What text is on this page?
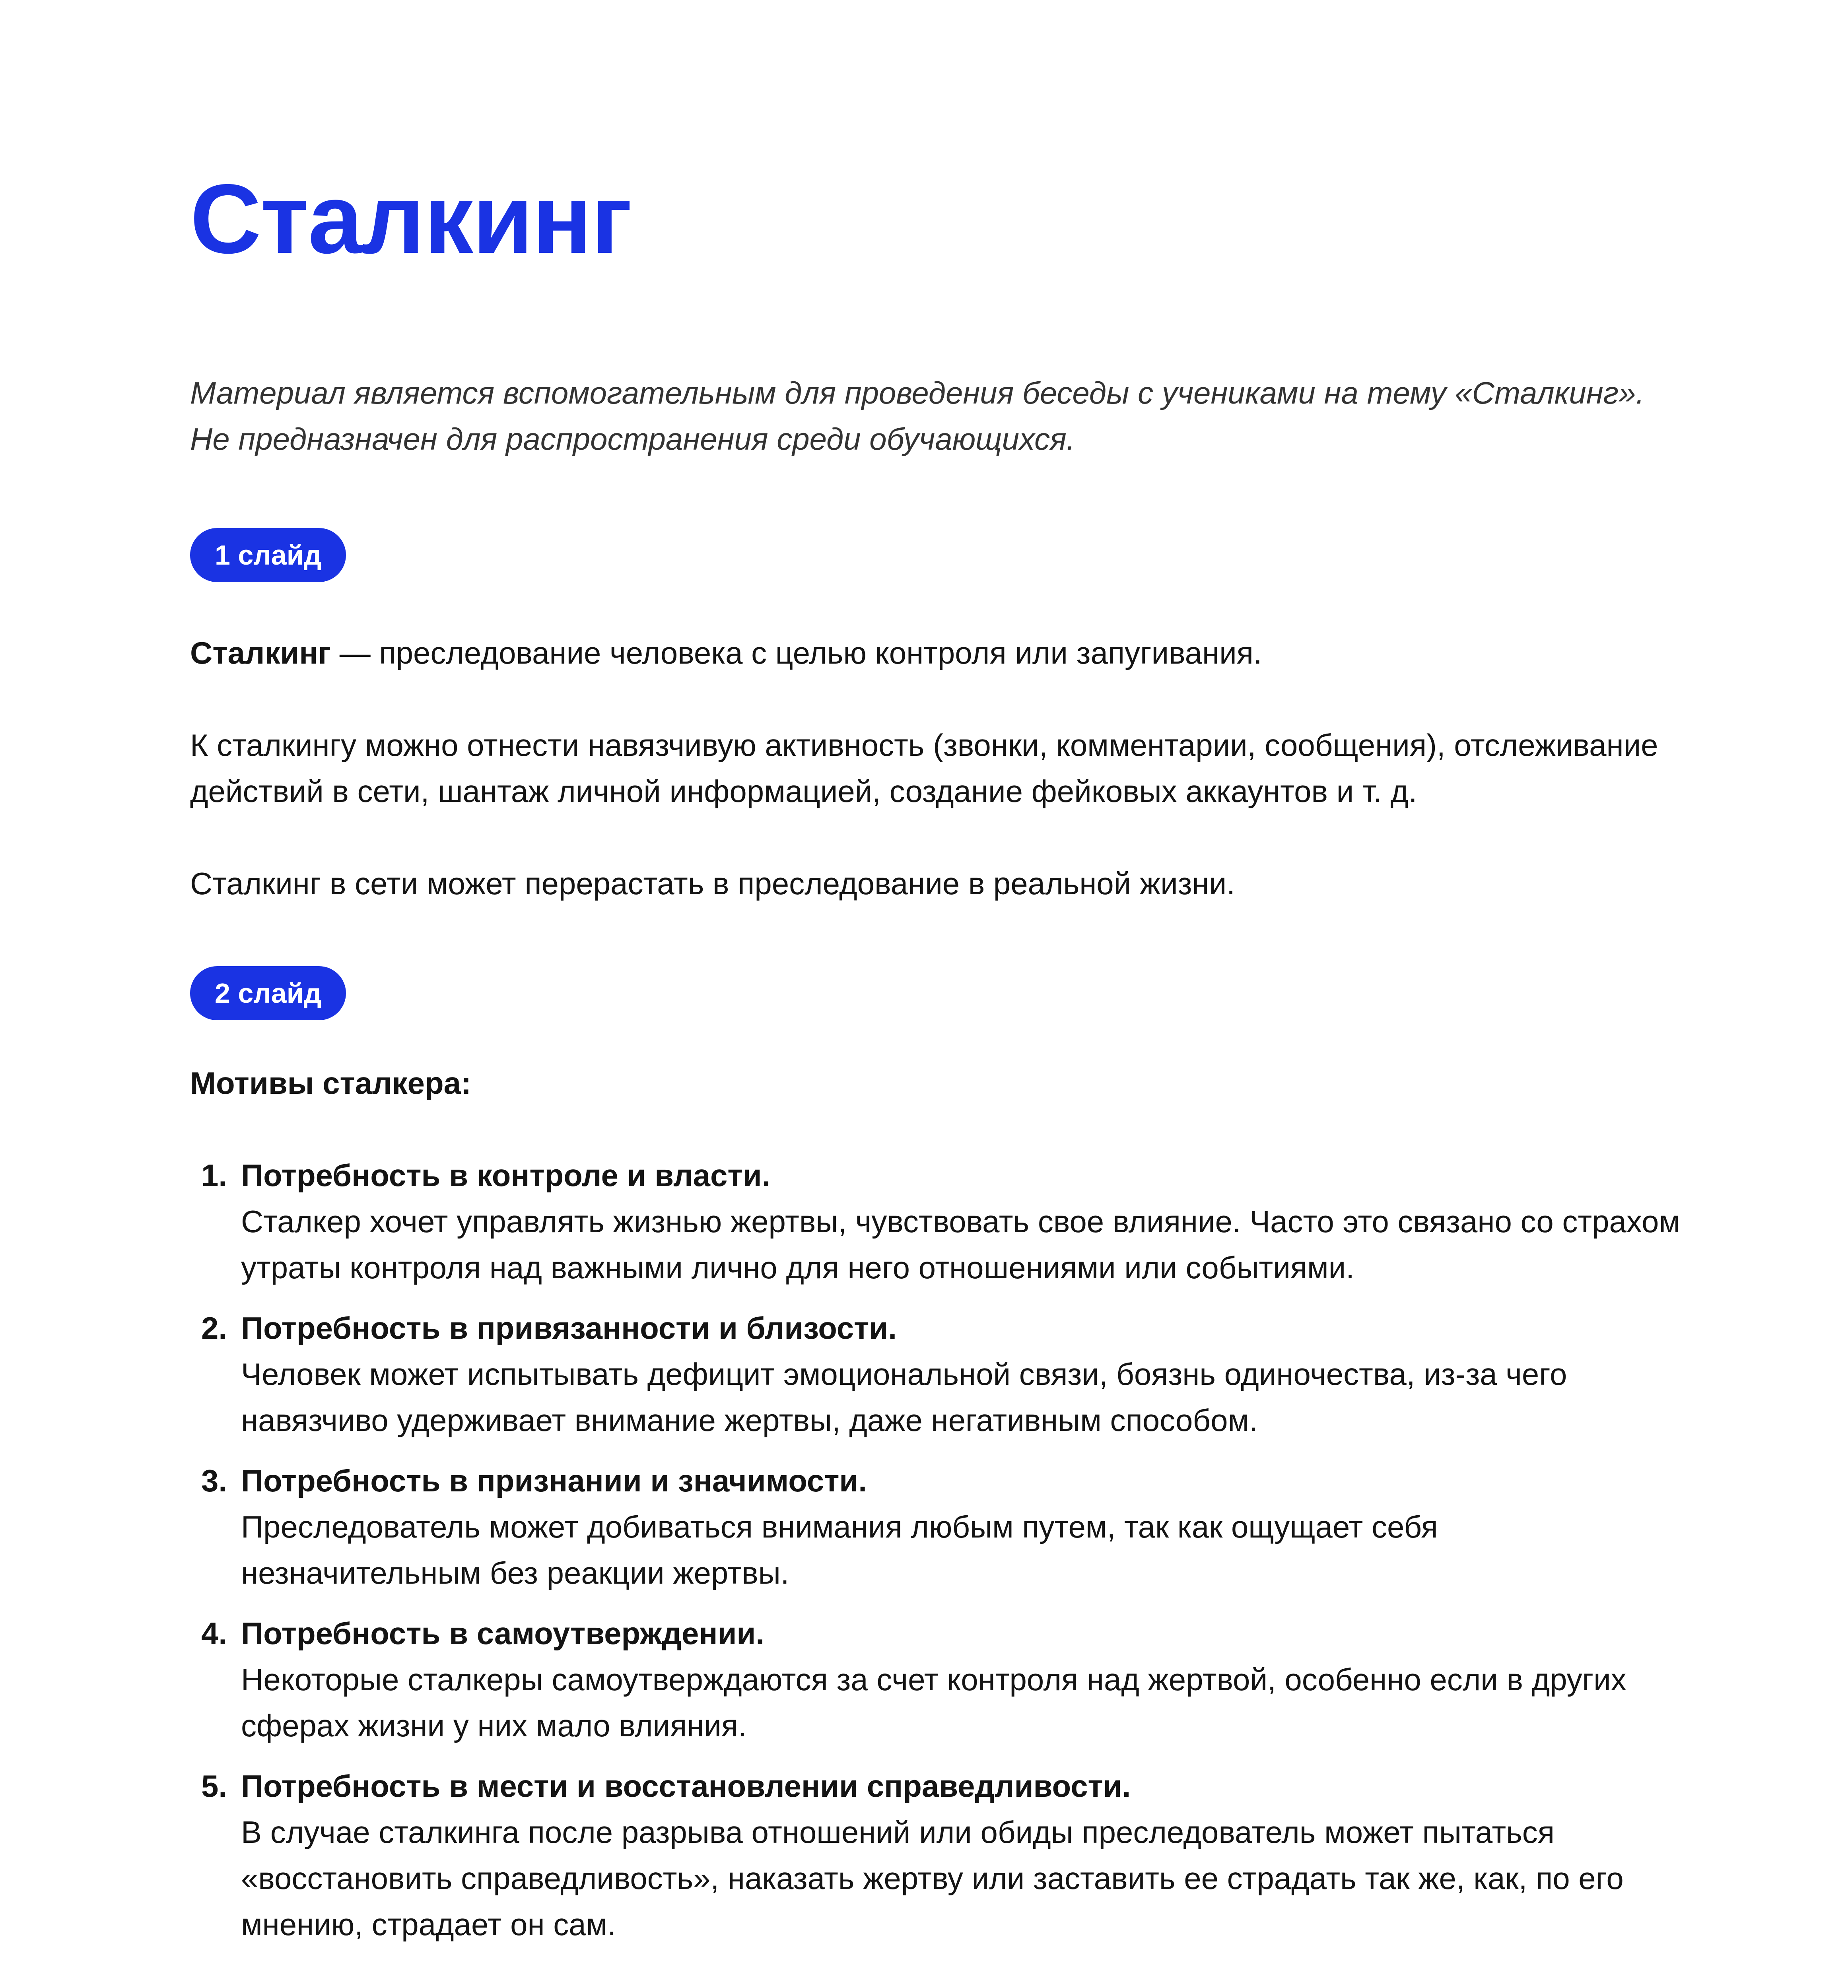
Сталкинг
Материал является вспомогательным для проведения беседы с учениками на тему «Сталкинг». Не предназначен для распространения среди обучающихся.
1 слайд

Сталкинг — преследование человека с целью контроля или запугивания.

К сталкингу можно отнести навязчивую активность (звонки, комментарии, сообщения), отслеживание действий в сети, шантаж личной информацией, создание фейковых аккаунтов и т. д.

Сталкинг в сети может перерастать в преследование в реальной жизни.

2 слайд
Мотивы сталкера:
1. Потребность в контроле и власти.
Сталкер хочет управлять жизнью жертвы, чувствовать свое влияние. Часто это связано со страхом утраты контроля над важными лично для него отношениями или событиями.
2. Потребность в привязанности и близости.
Человек может испытывать дефицит эмоциональной связи, боязнь одиночества, из-за чего навязчиво удерживает внимание жертвы, даже негативным способом.
3. Потребность в признании и значимости.
Преследователь может добиваться внимания любым путем, так как ощущает себя незначительным без реакции жертвы.
4. Потребность в самоутверждении.
Некоторые сталкеры самоутверждаются за счет контроля над жертвой, особенно если в других сферах жизни у них мало влияния.
5. Потребность в мести и восстановлении справедливости.
В случае сталкинга после разрыва отношений или обиды преследователь может пытаться «восстановить справедливость», наказать жертву или заставить ее страдать так же, как, по его мнению, страдает он сам.
